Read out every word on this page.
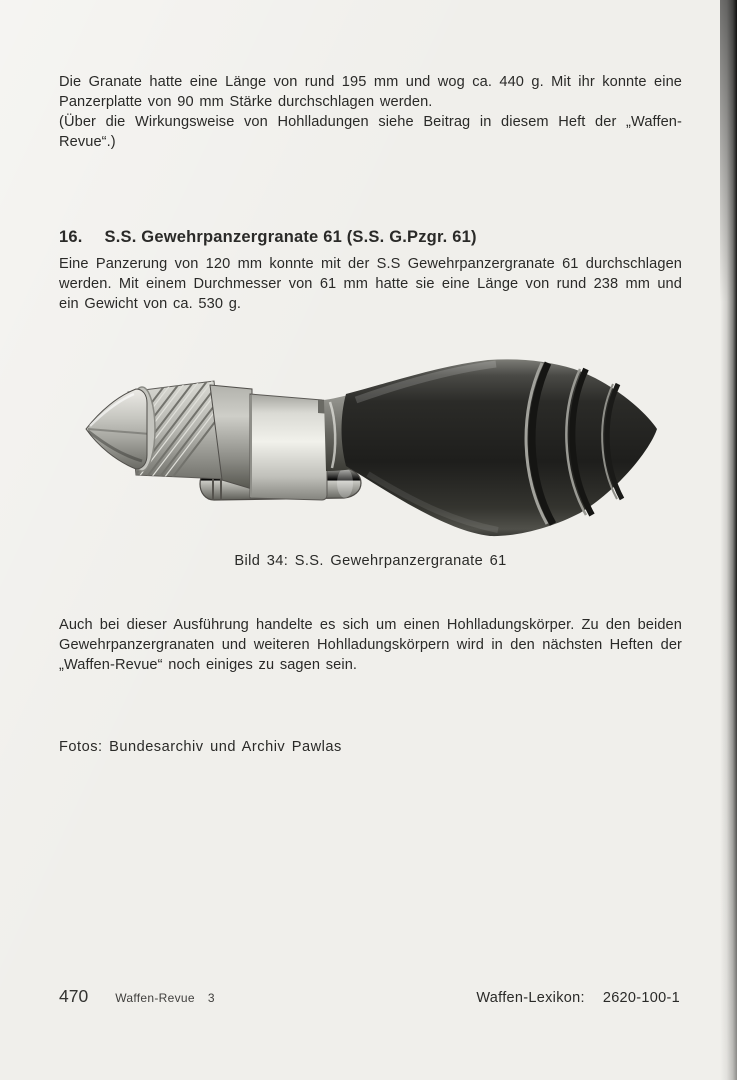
Die Granate hatte eine Länge von rund 195 mm und wog ca. 440 g. Mit ihr konnte eine Panzerplatte von 90 mm Stärke durchschlagen werden.

(Über die Wirkungsweise von Hohlladungen siehe Beitrag in diesem Heft der „Waffen-Revue“.)

16. S.S. Gewehrpanzergranate 61 (S.S. G.Pzgr. 61)
Eine Panzerung von 120 mm konnte mit der S.S Gewehrpanzergranate 61 durchschlagen werden. Mit einem Durchmesser von 61 mm hatte sie eine Länge von rund 238 mm und ein Gewicht von ca. 530 g.
Bild 34: S.S. Gewehrpanzergranate 61
Auch bei dieser Ausführung handelte es sich um einen Hohlladungskörper. Zu den beiden Gewehrpanzergranaten und weiteren Hohlladungskörpern wird in den nächsten Heften der „Waffen-Revue“ noch einiges zu sagen sein.
Fotos: Bundesarchiv und Archiv Pawlas
470 Waffen-Revue 3	Waffen-Lexikon: 2620-100-1
